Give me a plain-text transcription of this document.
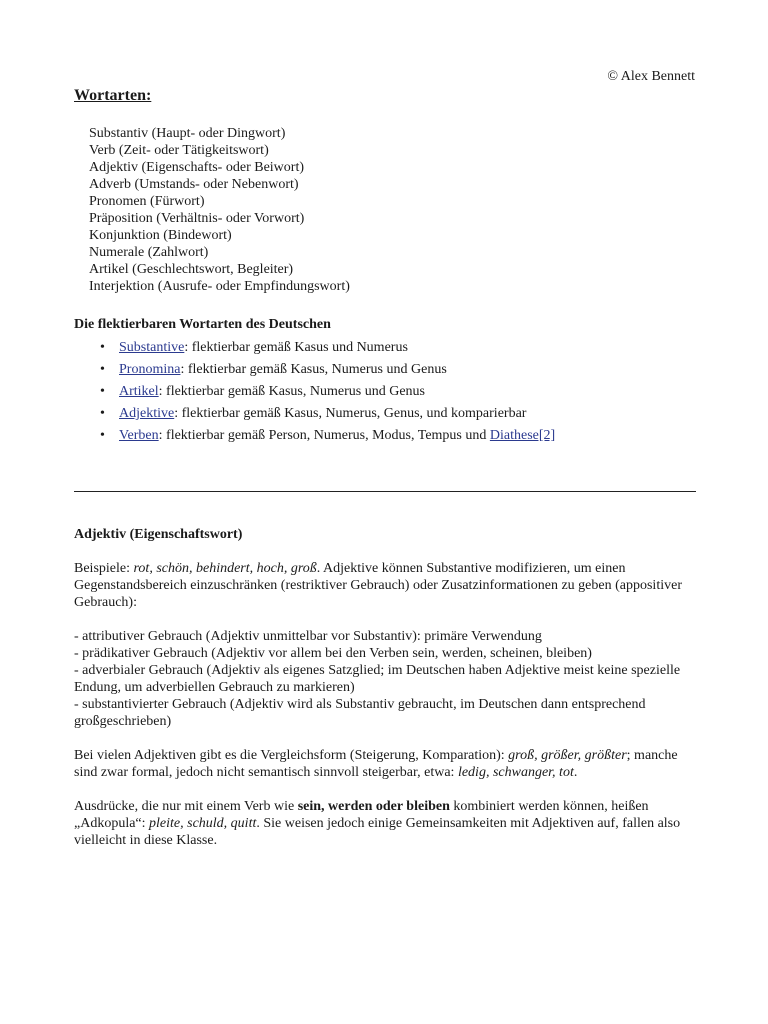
© Alex Bennett
Wortarten:
Substantiv (Haupt- oder Dingwort)
Verb (Zeit- oder Tätigkeitswort)
Adjektiv (Eigenschafts- oder Beiwort)
Adverb (Umstands- oder Nebenwort)
Pronomen (Fürwort)
Präposition (Verhältnis- oder Vorwort)
Konjunktion (Bindewort)
Numerale (Zahlwort)
Artikel (Geschlechtswort, Begleiter)
Interjektion (Ausrufe- oder Empfindungswort)
Die flektierbaren Wortarten des Deutschen
• Substantive: flektierbar gemäß Kasus und Numerus
• Pronomina: flektierbar gemäß Kasus, Numerus und Genus
• Artikel: flektierbar gemäß Kasus, Numerus und Genus
• Adjektive: flektierbar gemäß Kasus, Numerus, Genus, und komparierbar
• Verben: flektierbar gemäß Person, Numerus, Modus, Tempus und Diathese[2]
Adjektiv (Eigenschaftswort)

Beispiele: rot, schön, behindert, hoch, groß. Adjektive können Substantive modifizieren, um einen Gegenstandsbereich einzuschränken (restriktiver Gebrauch) oder Zusatzinformationen zu geben (appositiver Gebrauch):

- attributiver Gebrauch (Adjektiv unmittelbar vor Substantiv): primäre Verwendung

- prädikativer Gebrauch (Adjektiv vor allem bei den Verben sein, werden, scheinen, bleiben)

- adverbialer Gebrauch (Adjektiv als eigenes Satzglied; im Deutschen haben Adjektive meist keine spezielle Endung, um adverbiellen Gebrauch zu markieren)

- substantivierter Gebrauch (Adjektiv wird als Substantiv gebraucht, im Deutschen dann entsprechend großgeschrieben)

Bei vielen Adjektiven gibt es die Vergleichsform (Steigerung, Komparation): groß, größer, größter; manche sind zwar formal, jedoch nicht semantisch sinnvoll steigerbar, etwa: ledig, schwanger, tot.

Ausdrücke, die nur mit einem Verb wie sein, werden oder bleiben kombiniert werden können, heißen „Adkopula“: pleite, schuld, quitt. Sie weisen jedoch einige Gemeinsamkeiten mit Adjektiven auf, fallen also vielleicht in diese Klasse.
